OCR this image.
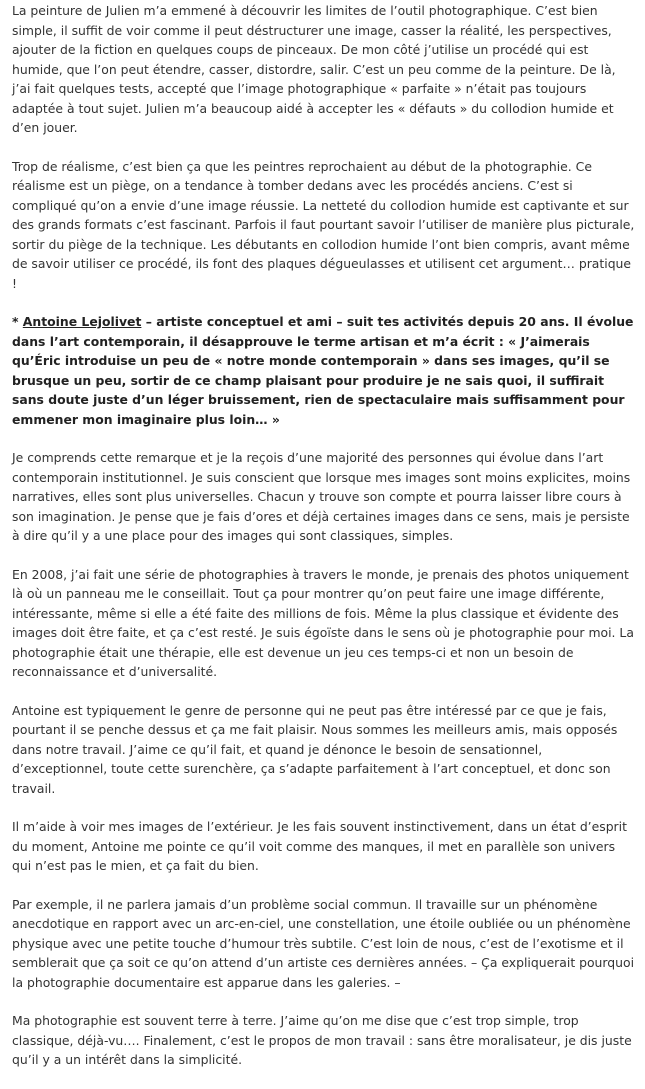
La peinture de Julien m’a emmené à découvrir les limites de l’outil photographique. C’est bien simple, il suffit de voir comme il peut déstructurer une image, casser la réalité, les perspectives, ajouter de la fiction en quelques coups de pinceaux. De mon côté j’utilise un procédé qui est humide, que l’on peut étendre, casser, distordre, salir. C’est un peu comme de la peinture. De là, j’ai fait quelques tests, accepté que l’image photographique « parfaite » n’était pas toujours adaptée à tout sujet. Julien m’a beaucoup aidé à accepter les « défauts » du collodion humide et d’en jouer.

Trop de réalisme, c’est bien ça que les peintres reprochaient au début de la photographie. Ce réalisme est un piège, on a tendance à tomber dedans avec les procédés anciens. C’est si compliqué qu’on a envie d’une image réussie. La netteté du collodion humide est captivante et sur des grands formats c’est fascinant. Parfois il faut pourtant savoir l’utiliser de manière plus picturale, sortir du piège de la technique. Les débutants en collodion humide l’ont bien compris, avant même de savoir utiliser ce procédé, ils font des plaques dégueulasses et utilisent cet argument… pratique !

* Antoine Lejolivet – artiste conceptuel et ami – suit tes activités depuis 20 ans. Il évolue dans l’art contemporain, il désapprouve le terme artisan et m’a écrit : « J’aimerais qu’Éric introduise un peu de « notre monde contemporain » dans ses images, qu’il se brusque un peu, sortir de ce champ plaisant pour produire je ne sais quoi, il suffirait sans doute juste d’un léger bruissement, rien de spectaculaire mais suffisamment pour emmener mon imaginaire plus loin… »

Je comprends cette remarque et je la reçois d’une majorité des personnes qui évolue dans l’art contemporain institutionnel. Je suis conscient que lorsque mes images sont moins explicites, moins narratives, elles sont plus universelles. Chacun y trouve son compte et pourra laisser libre cours à son imagination. Je pense que je fais d’ores et déjà certaines images dans ce sens, mais je persiste à dire qu’il y a une place pour des images qui sont classiques, simples.

En 2008, j’ai fait une série de photographies à travers le monde, je prenais des photos uniquement là où un panneau me le conseillait. Tout ça pour montrer qu’on peut faire une image différente, intéressante, même si elle a été faite des millions de fois. Même la plus classique et évidente des images doit être faite, et ça c’est resté. Je suis égoïste dans le sens où je photographie pour moi. La photographie était une thérapie, elle est devenue un jeu ces temps-ci et non un besoin de reconnaissance et d’universalité.

Antoine est typiquement le genre de personne qui ne peut pas être intéressé par ce que je fais, pourtant il se penche dessus et ça me fait plaisir. Nous sommes les meilleurs amis, mais opposés dans notre travail. J’aime ce qu’il fait, et quand je dénonce le besoin de sensationnel, d’exceptionnel, toute cette surenchère, ça s’adapte parfaitement à l’art conceptuel, et donc son travail.

Il m’aide à voir mes images de l’extérieur. Je les fais souvent instinctivement, dans un état d’esprit du moment, Antoine me pointe ce qu’il voit comme des manques, il met en parallèle son univers qui n’est pas le mien, et ça fait du bien.

Par exemple, il ne parlera jamais d’un problème social commun. Il travaille sur un phénomène anecdotique en rapport avec un arc-en-ciel, une constellation, une étoile oubliée ou un phénomène physique avec une petite touche d’humour très subtile. C’est loin de nous, c’est de l’exotisme et il semblerait que ça soit ce qu’on attend d’un artiste ces dernières années. – Ça expliquerait pourquoi la photographie documentaire est apparue dans les galeries. –

Ma photographie est souvent terre à terre. J’aime qu’on me dise que c’est trop simple, trop classique, déjà-vu…. Finalement, c’est le propos de mon travail : sans être moralisateur, je dis juste qu’il y a un intérêt dans la simplicité.
